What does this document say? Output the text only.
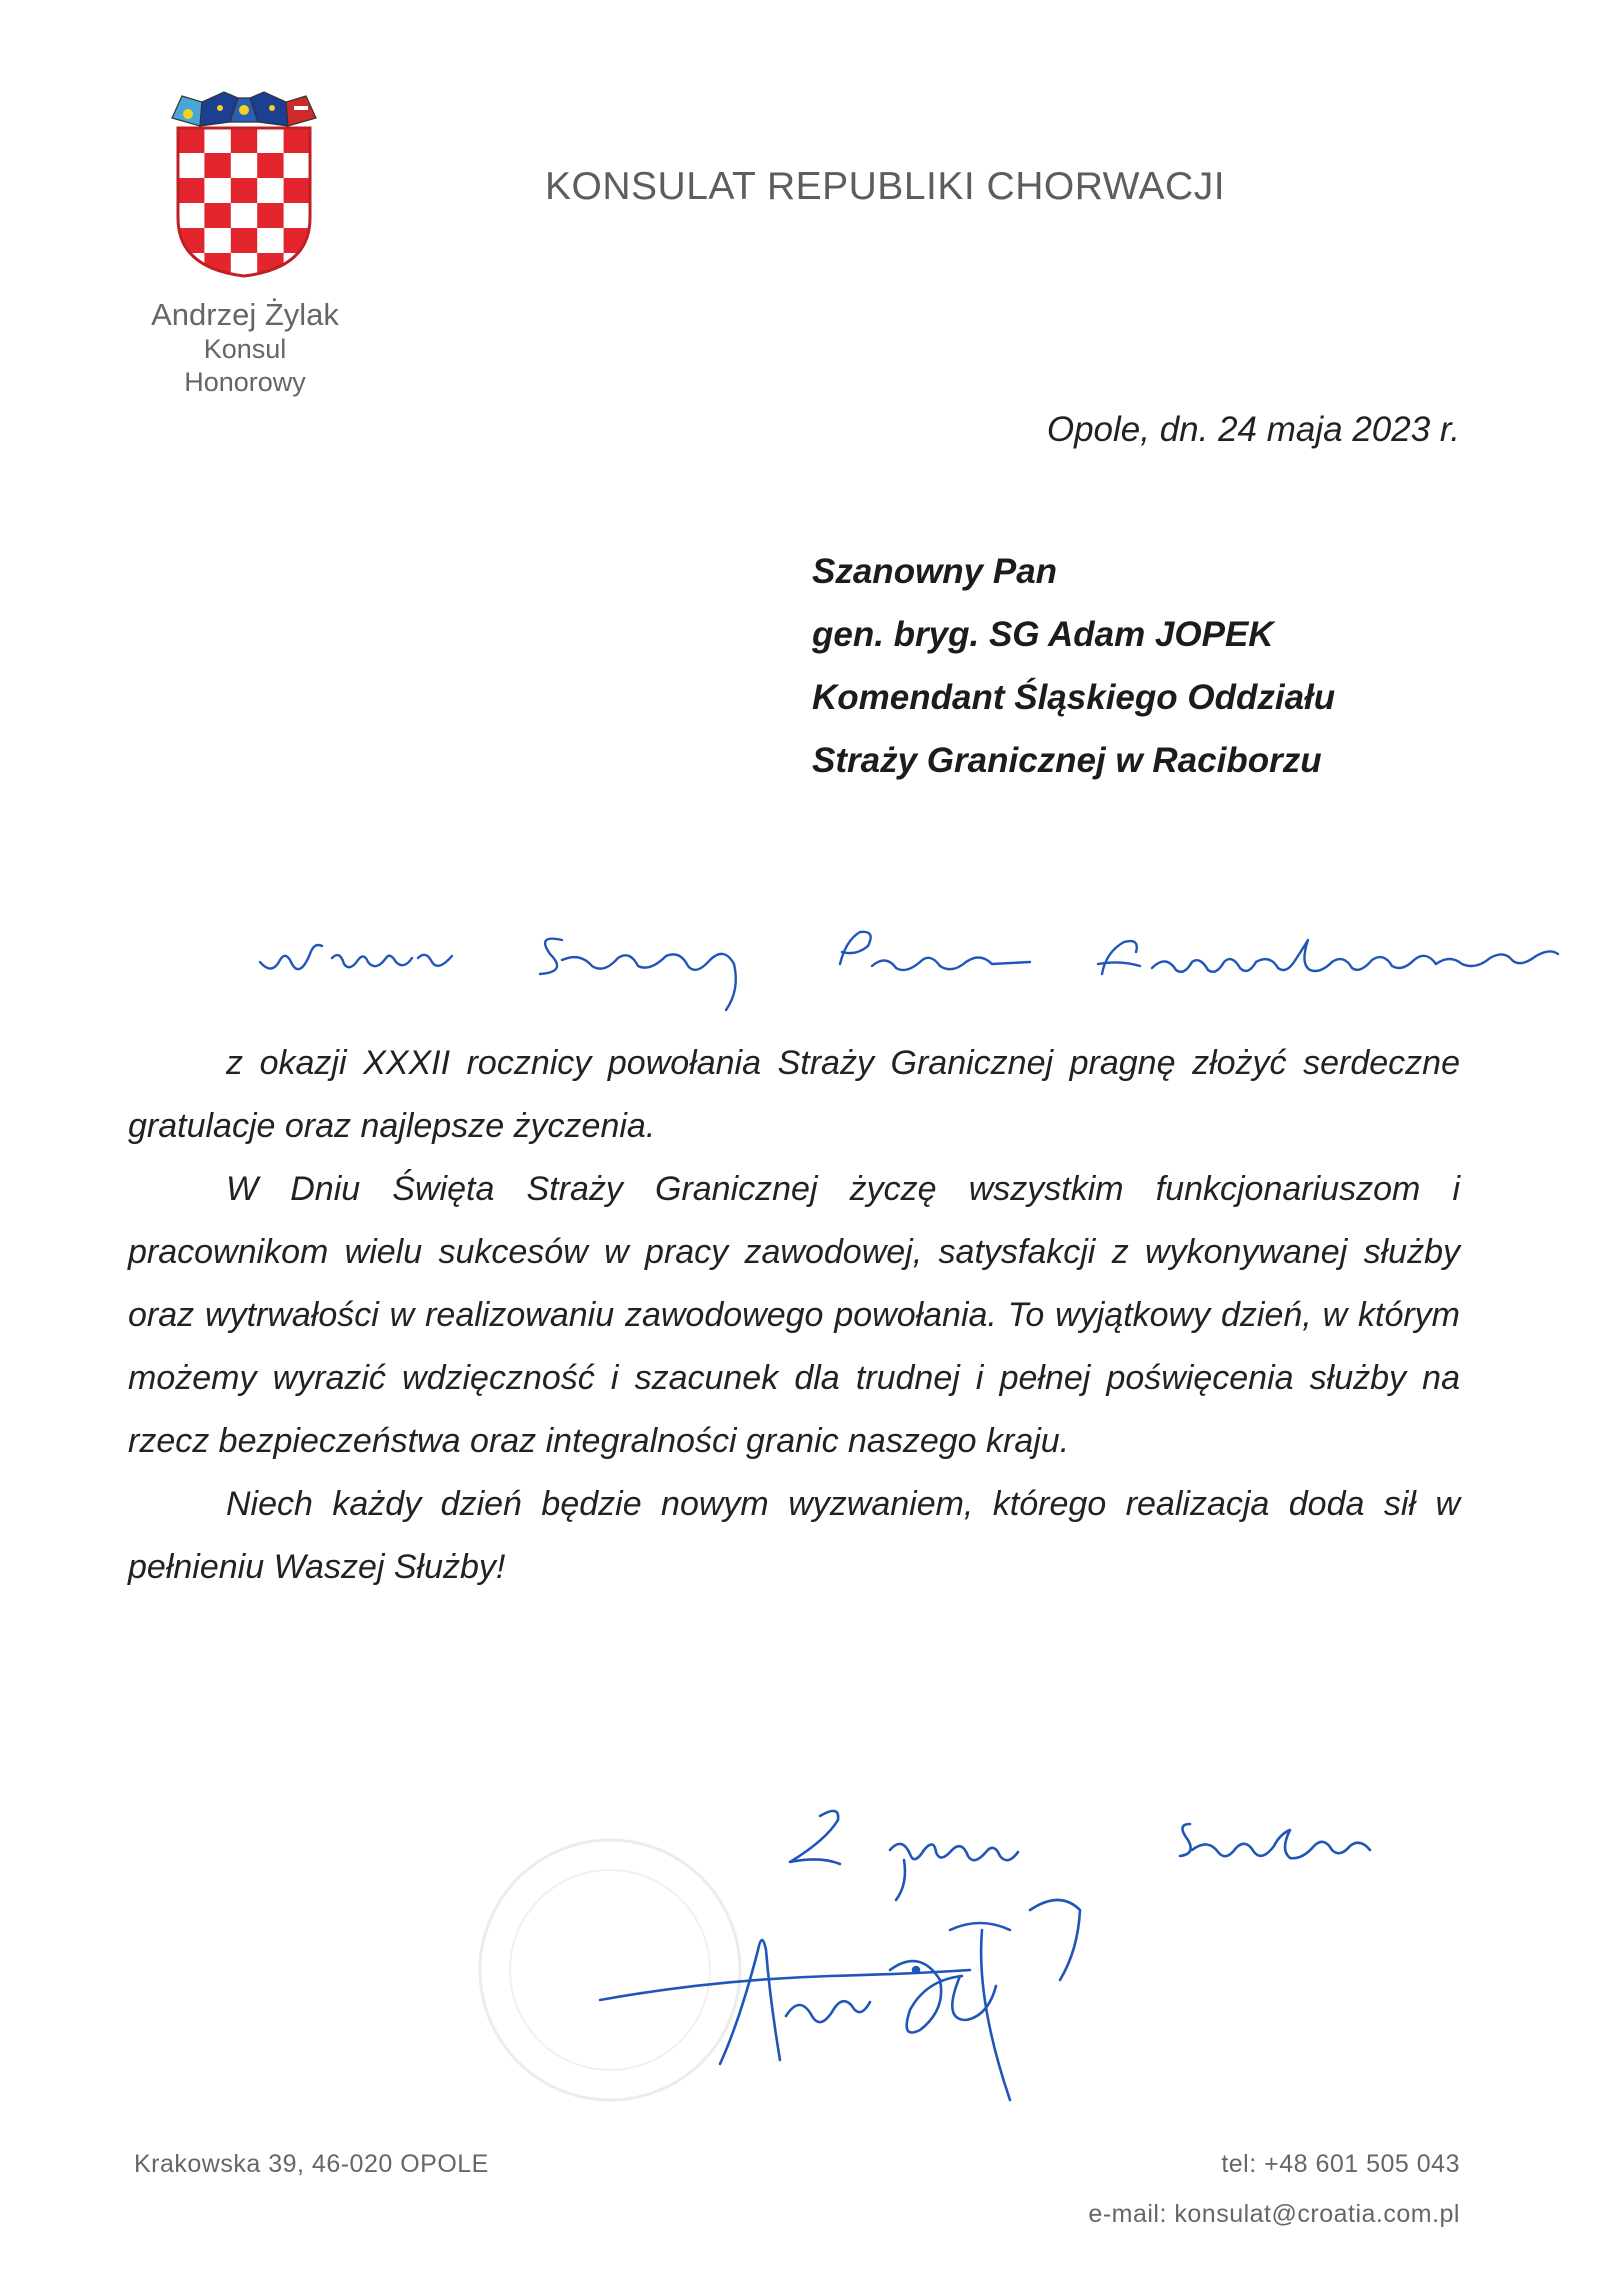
KONSULAT REPUBLIKI CHORWACJI
Andrzej Żylak
Konsul
Honorowy
Opole, dn. 24 maja 2023 r.
Szanowny Pan
gen. bryg. SG Adam JOPEK
Komendant Śląskiego Oddziału
Straży Granicznej w Raciborzu

z okazji XXXII rocznicy powołania Straży Granicznej pragnę złożyć serdeczne gratulacje oraz najlepsze życzenia.

W Dniu Święta Straży Granicznej życzę wszystkim funkcjonariuszom i pracownikom wielu sukcesów w pracy zawodowej, satysfakcji z wykonywanej służby oraz wytrwałości w realizowaniu zawodowego powołania. To wyjątkowy dzień, w którym możemy wyrazić wdzięczność i szacunek dla trudnej i pełnej poświęcenia służby na rzecz bezpieczeństwa oraz integralności granic naszego kraju.

Niech każdy dzień będzie nowym wyzwaniem, którego realizacja doda sił w pełnieniu Waszej Służby!

Krakowska 39, 46-020 OPOLE	tel: +48 601 505 043
e-mail: konsulat@croatia.com.pl
